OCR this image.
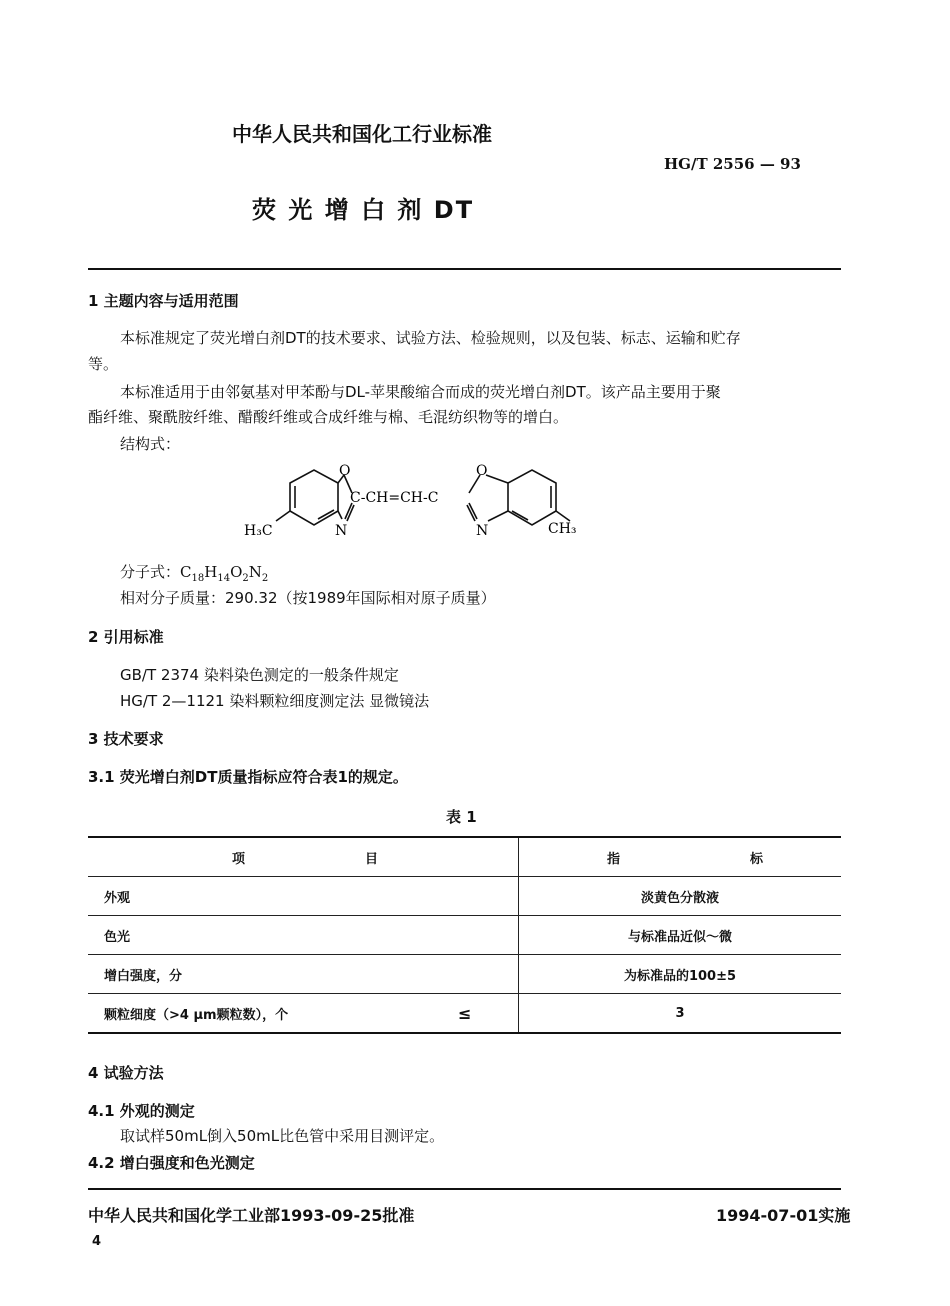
中华人民共和国化工行业标准
HG/T 2556 — 93
荧 光 增 白 剂 DT
1 主题内容与适用范围
本标准规定了荧光增白剂DT的技术要求、试验方法、检验规则，以及包装、标志、运输和贮存
等。
本标准适用于由邻氨基对甲苯酚与DL-苹果酸缩合而成的荧光增白剂DT。该产品主要用于聚
酯纤维、聚酰胺纤维、醋酸纤维或合成纤维与棉、毛混纺织物等的增白。
结构式：
O	O
C-CH=CH-C
N	N
H₃C	CH₃
分子式：$C_{18}H_{14}O_2N_2$
相对分子质量：290.32（按1989年国际相对原子质量）
2 引用标准
GB/T 2374 染料染色测定的一般条件规定
HG/T 2—1121 染料颗粒细度测定法 显微镜法
3 技术要求
3.1 荧光增白剂DT质量指标应符合表1的规定。
表 1
项 目	指 标
外观	淡黄色分散液
色光	与标准品近似～微
增白强度，分	为标准品的100±5
颗粒细度（>4 μm颗粒数），个 ≤	3
4 试验方法
4.1 外观的测定
取试样50mL倒入50mL比色管中采用目测评定。
4.2 增白强度和色光测定
中华人民共和国化学工业部1993-09-25批准	1994-07-01实施
4
